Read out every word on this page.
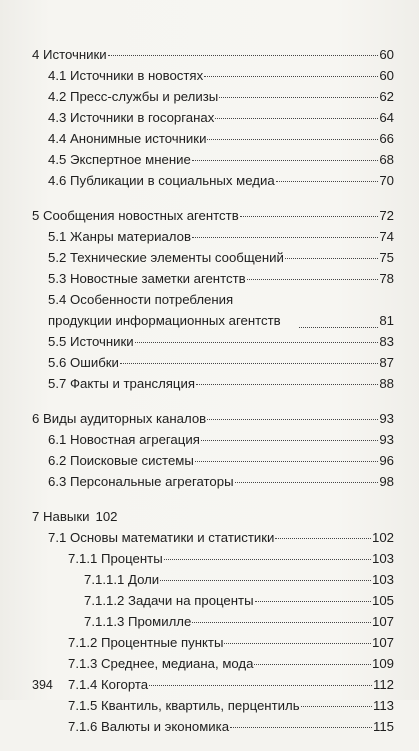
4 Источники	60
4.1 Источники в новостях	60
4.2 Пресс-службы и релизы	62
4.3 Источники в госорганах	64
4.4 Анонимные источники	66
4.5 Экспертное мнение	68
4.6 Публикации в социальных медиа	70
5 Сообщения новостных агентств	72
5.1 Жанры материалов	74
5.2 Технические элементы сообщений	75
5.3 Новостные заметки агентств	78
5.4 Особенности потребления продукции информационных агентств	81
5.5 Источники	83
5.6 Ошибки	87
5.7 Факты и трансляция	88
6 Виды аудиторных каналов	93
6.1 Новостная агрегация	93
6.2 Поисковые системы	96
6.3 Персональные агрегаторы	98
7 Навыки 102
7.1 Основы математики и статистики	102
7.1.1 Проценты	103
7.1.1.1 Доли	103
7.1.1.2 Задачи на проценты	105
7.1.1.3 Промилле	107
7.1.2 Процентные пункты	107
7.1.3 Среднее, медиана, мода	109
7.1.4 Когорта	112
7.1.5 Квантиль, квартиль, перцентиль	113
7.1.6 Валюты и экономика	115
394
